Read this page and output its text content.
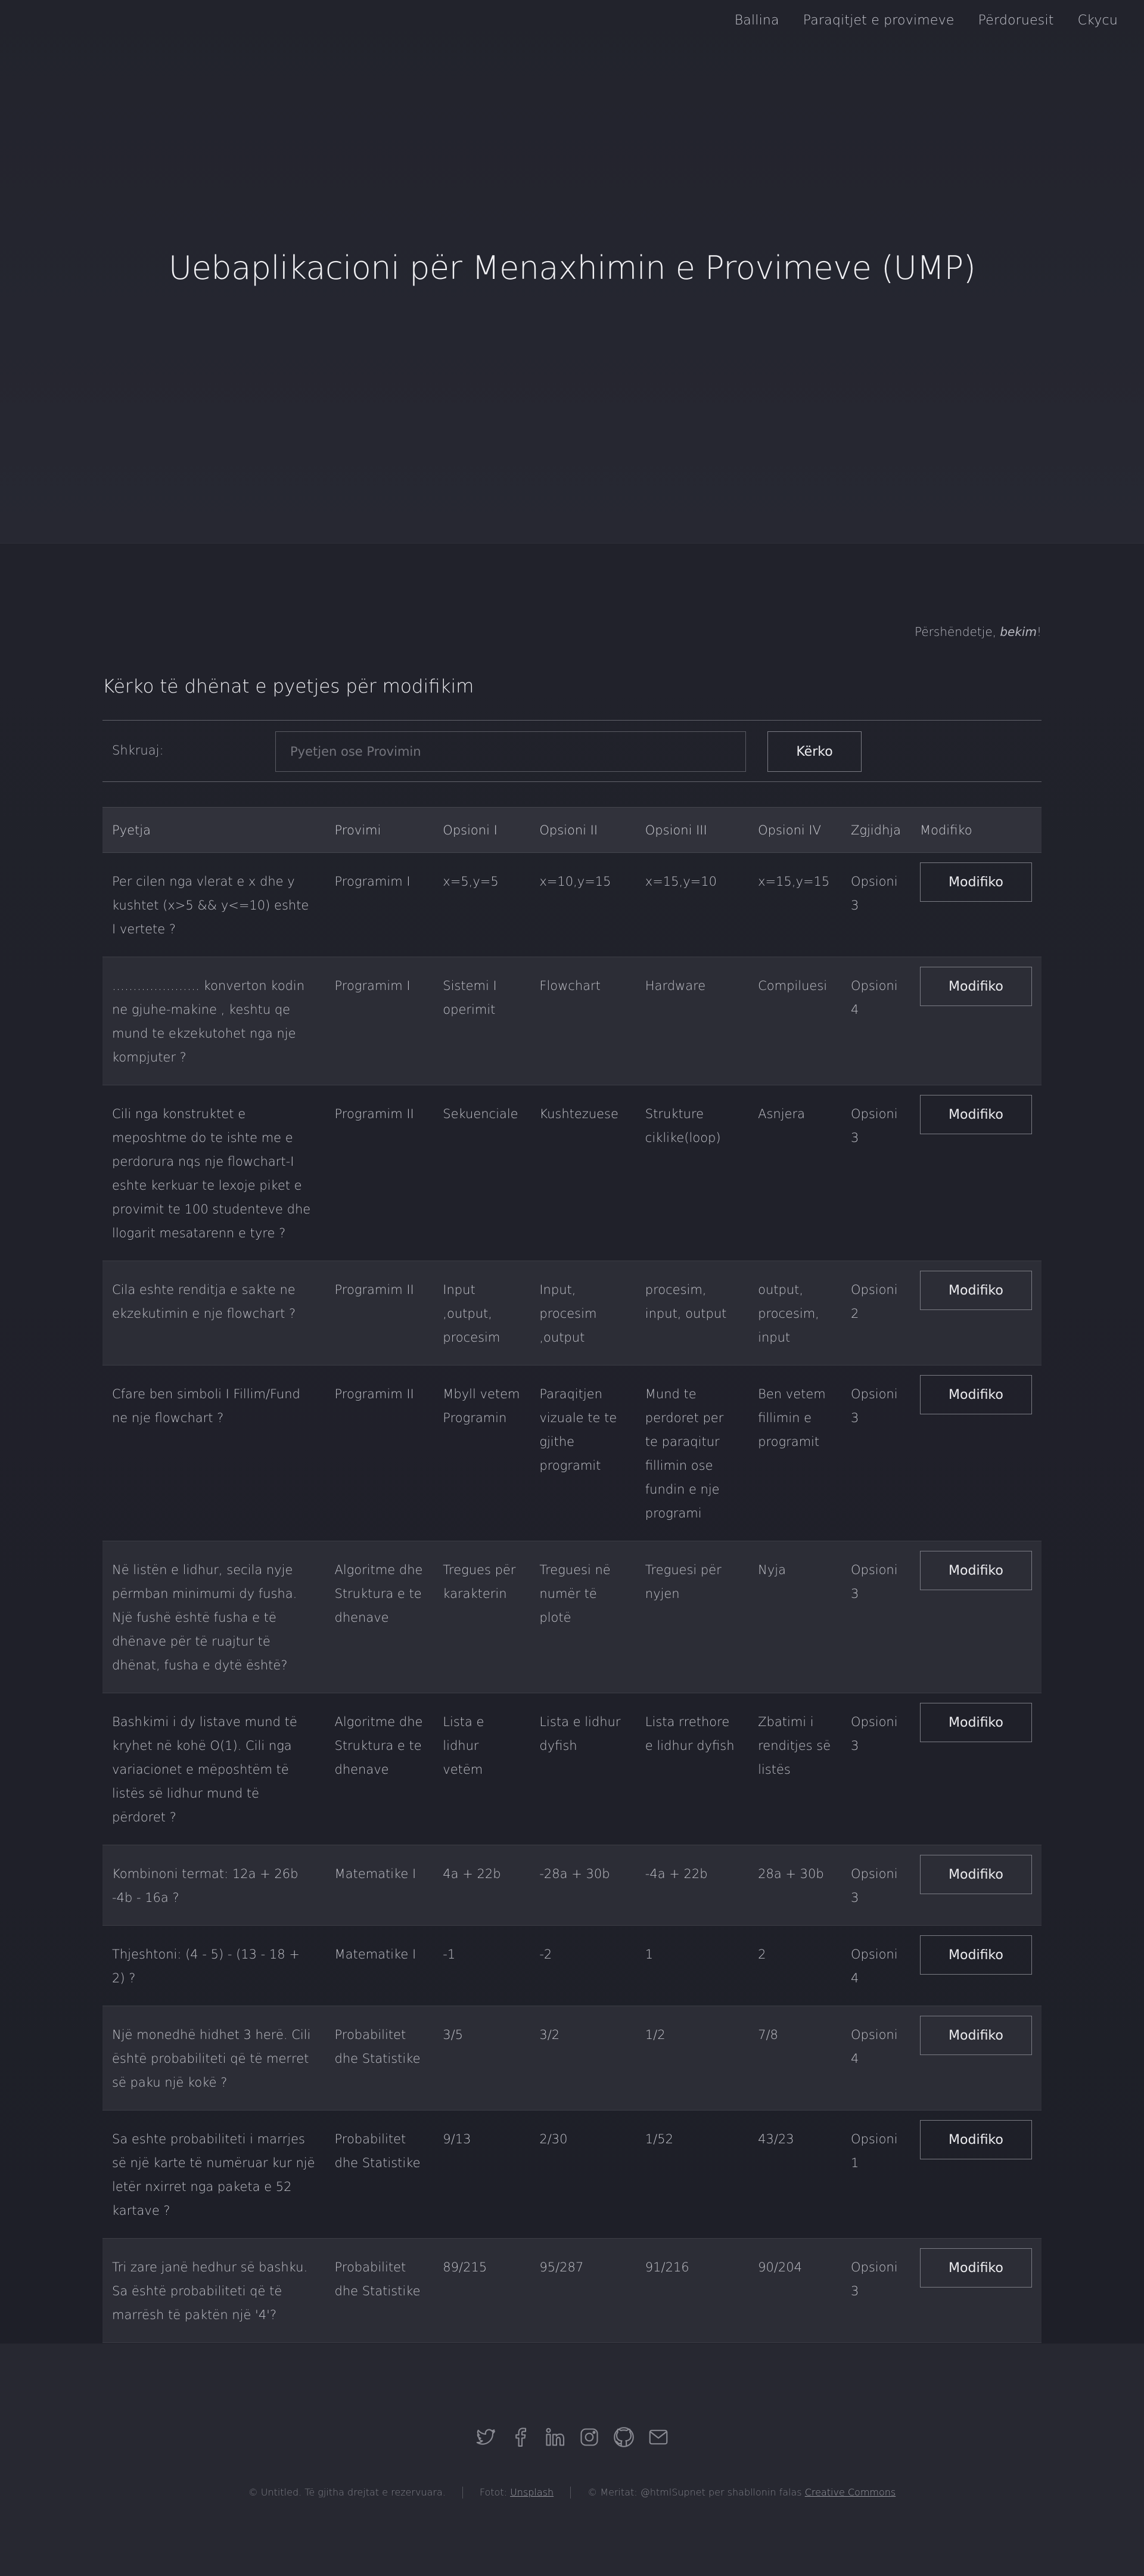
Ballina Paraqitjet e provimeve Përdoruesit Ckycu
Uebaplikacioni për Menaxhimin e Provimeve (UMP)
Përshëndetje, bekim!
Kërko të dhënat e pyetjes për modifikim
Shkruaj:
Pyetjen ose Provimin	Kërko
Pyetja	Provimi	Opsioni I	Opsioni II	Opsioni III	Opsioni IV	Zgjidhja	Modifiko
Per cilen nga vlerat e x dhe y kushtet (x>5 && y<=10) eshte I vertete ?	Programim I	x=5,y=5	x=10,y=15	x=15,y=10	x=15,y=15	Opsioni 3	Modifiko

………………… konverton kodin ne gjuhe-makine , keshtu qe mund te ekzekutohet nga nje kompjuter ?	Programim I	Sistemi I operimit	Flowchart	Hardware	Compiluesi	Opsioni 4	Modifiko

Cili nga konstruktet e meposhtme do te ishte me e perdorura nqs nje flowchart-I eshte kerkuar te lexoje piket e provimit te 100 studenteve dhe llogarit mesatarenn e tyre ?	Programim II	Sekuenciale	Kushtezuese	Strukture ciklike(loop)	Asnjera	Opsioni 3	Modifiko

Cila eshte renditja e sakte ne ekzekutimin e nje flowchart ?	Programim II	Input ,output, procesim	Input, procesim ,output	procesim, input, output	output, procesim, input	Opsioni 2	Modifiko

Cfare ben simboli I Fillim/Fund ne nje flowchart ?	Programim II	Mbyll vetem Programin	Paraqitjen vizuale te te gjithe programit	Mund te perdoret per te paraqitur fillimin ose fundin e nje programi	Ben vetem fillimin e programit	Opsioni 3	Modifiko

Në listën e lidhur, secila nyje përmban minimumi dy fusha. Një fushë është fusha e të dhënave për të ruajtur të dhënat, fusha e dytë është?	Algoritme dhe Struktura e te dhenave	Tregues për karakterin	Treguesi në numër të plotë	Treguesi për nyjen	Nyja	Opsioni 3	Modifiko

Bashkimi i dy listave mund të kryhet në kohë O(1). Cili nga variacionet e mëposhtëm të listës së lidhur mund të përdoret ?	Algoritme dhe Struktura e te dhenave	Lista e lidhur vetëm	Lista e lidhur dyfish	Lista rrethore e lidhur dyfish	Zbatimi i renditjes së listës	Opsioni 3	Modifiko

Kombinoni termat: 12a + 26b -4b - 16a ?	Matematike I	4a + 22b	-28a + 30b	-4a + 22b	28a + 30b	Opsioni 3	Modifiko

Thjeshtoni: (4 - 5) - (13 - 18 + 2) ?	Matematike I	-1	-2	1	2	Opsioni 4	Modifiko

Një monedhë hidhet 3 herë. Cili është probabiliteti që të merret së paku një kokë ?	Probabilitet dhe Statistike	3/5	3/2	1/2	7/8	Opsioni 4	Modifiko

Sa eshte probabiliteti i marrjes së një karte të numëruar kur një letër nxirret nga paketa e 52 kartave ?	Probabilitet dhe Statistike	9/13	2/30	1/52	43/23	Opsioni 1	Modifiko

Tri zare janë hedhur së bashku. Sa është probabiliteti që të marrësh të paktën një '4'?	Probabilitet dhe Statistike	89/215	95/287	91/216	90/204	Opsioni 3	Modifiko

© Untitled. Të gjitha drejtat e rezervuara.	Fotot: Unsplash	© Meritat: @htmlSupnet per shabllonin falas Creative Commons
